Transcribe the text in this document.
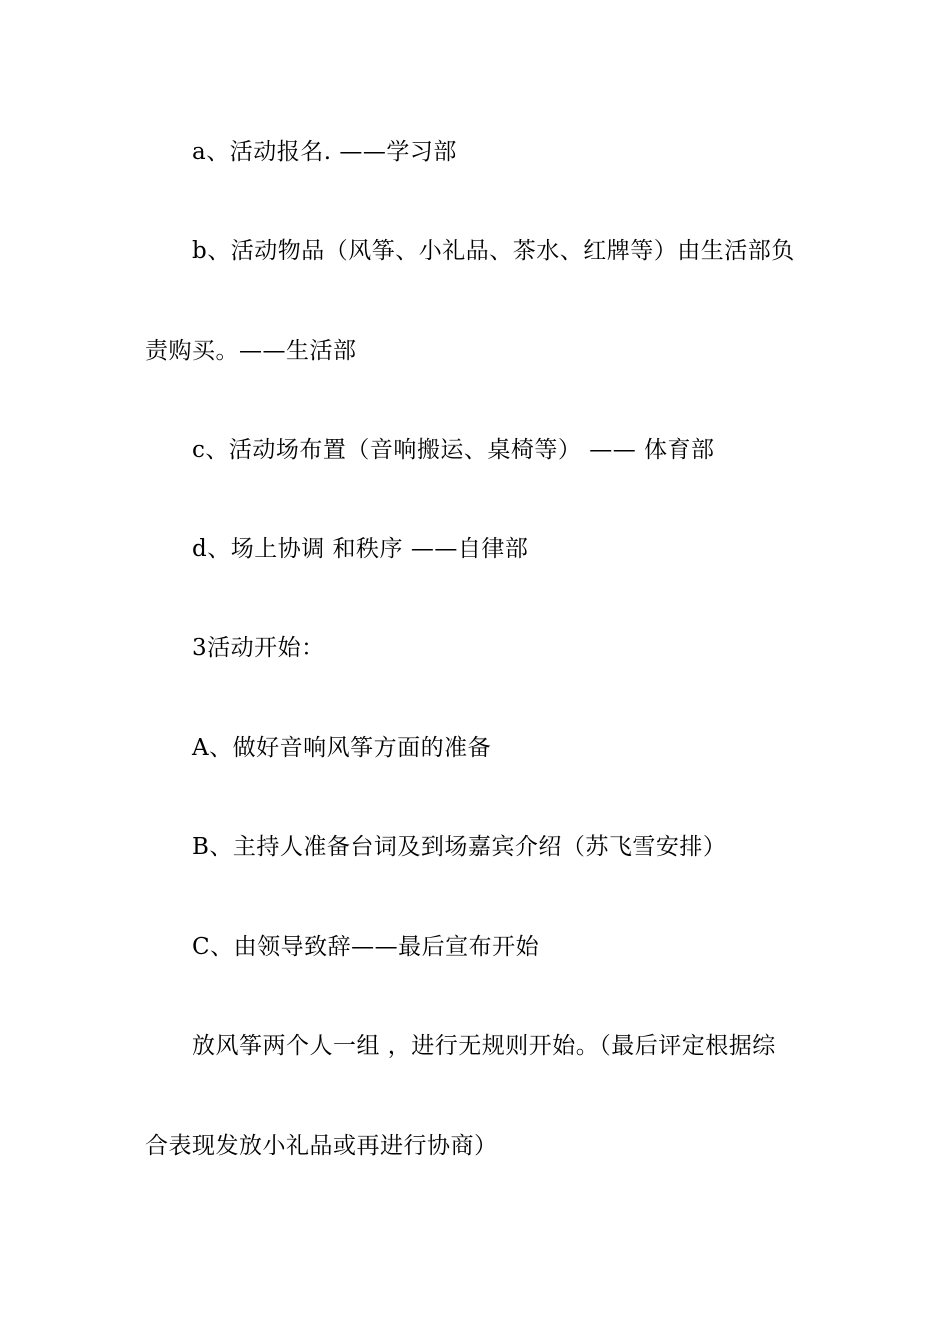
a、活动报名. ——学习部
b、活动物品（风筝、小礼品、茶水、红牌等）由生活部负
责购买。——生活部
c、活动场布置（音响搬运、桌椅等） —— 体育部
d、场上协调 和秩序 ——自律部
3活动开始：
A、做好音响风筝方面的准备
B、主持人准备台词及到场嘉宾介绍（苏飞雪安排）
C、由领导致辞——最后宣布开始
放风筝两个人一组 ，进行无规则开始。（最后评定根据综
合表现发放小礼品或再进行协商）
